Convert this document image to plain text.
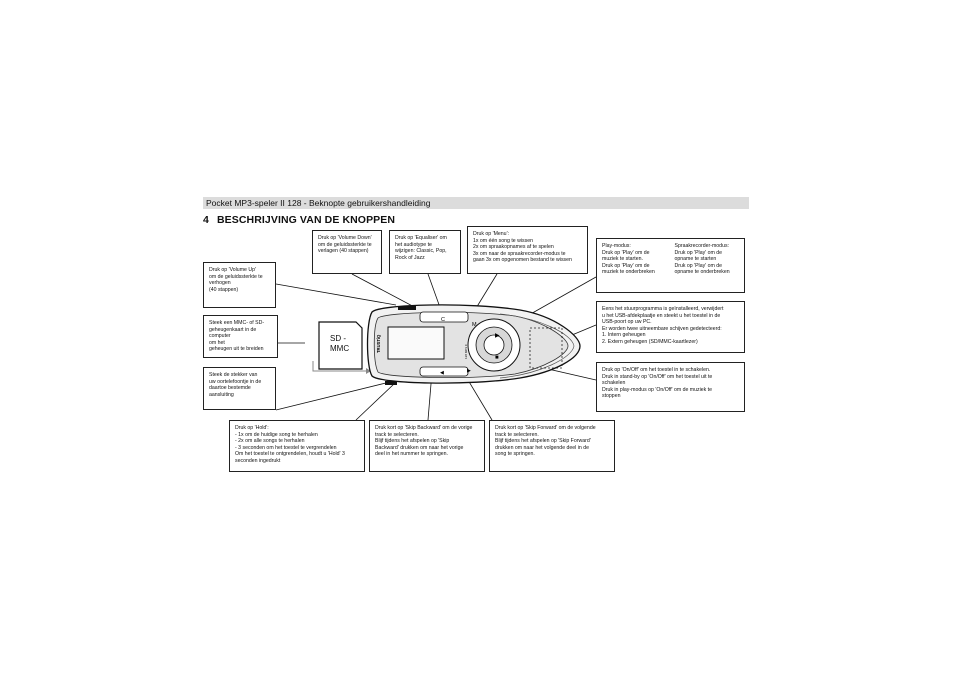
Pocket MP3-speler II 128 - Beknopte gebruikershandleiding
4 BESCHRIJVING VAN DE KNOPPEN
C
M
▶
■
◀	▶
TRUSTiQ	128 MP3 II
SD -
MMC
Druk op 'Volume Up'
om de geluidssterkte te
verhogen
(40 stappen)
Druk op 'Volume Down'
om de geluidssterkte te
verlagen (40 stappen)
Druk op 'Equaliser' om
het audiotype te
wijzigen: Classic, Pop,
Rock of Jazz
Druk op 'Menu':
1x om één song te wissen
2x om spraakopnames af te spelen
3x om naar de spraakrecorder-modus te
gaan 3x om opgenomen bestand te wissen
Play-modus:
Druk op 'Play' om de
muziek te starten.
Druk op 'Play' om de
muziek te onderbreken
Spraakrecorder-modus:
Druk op 'Play' om de
opname te starten
Druk op 'Play' om de
opname te onderbreken
Eens het stuurprogramma is geïnstalleerd, verwijdert
u het USB-afdekplaatje en steekt u het toestel in de
USB-poort op uw PC.
Er worden twee uitneembare schijven gedetecteerd:
1. Intern geheugen
2. Extern geheugen (SD/MMC-kaartlezer)
Steek een MMC- of SD-
geheugenkaart in de
computer
om het
geheugen uit te breiden
Steek de stekker van
uw oortelefoontje in de
daartoe bestemde
aansluiting
Druk op 'On/Off' om het toestel in te schakelen.
Druk in stand-by op 'On/Off' om het toestel uit te
schakelen
Druk in play-modus op 'On/Off' om de muziek te
stoppen
Druk op 'Hold':
- 1x om de huidige song te herhalen
- 2x om alle songs te herhalen
- 3 seconden om het toestel te vergrendelen
Om het toestel te ontgrendelen, houdt u 'Hold' 3
seconden ingedrukt
Druk kort op 'Skip Backward' om de vorige
track te selecteren.
Blijf tijdens het afspelen op 'Skip
Backward' drukken om naar het vorige
deel in het nummer te springen.
Druk kort op 'Skip Forward' om de volgende
track te selecteren.
Blijf tijdens het afspelen op 'Skip Forward'
drukken om naar het volgende deel in de
song te springen.
